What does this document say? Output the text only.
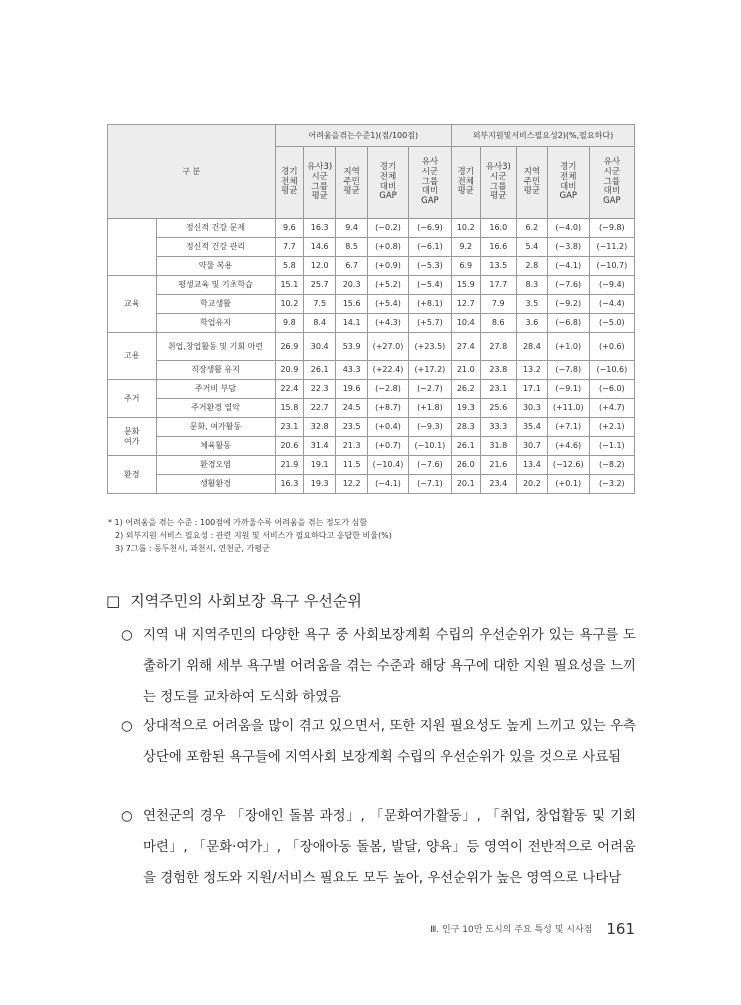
구 분		어려움을겪는수준1)(점/100점)					외부지원및서비스필요성2)(%,필요하다)				
		경기
전체
평균	유사3)
시군
그룹
평균	지역
주민
평균	경기
전체
대비
GAP	유사
시군
그룹
대비
GAP	경기
전체
평균	유사3)
시군
그룹
평균	지역
주민
평균	경기
전체
대비
GAP	유사
시군
그룹
대비
GAP
	정신적 건강 문제	9.6	16.3	9.4	(−0.2)	(−6.9)	10.2	16.0	6.2	(−4.0)	(−9.8)
	정신적 건강 관리	7.7	14.6	8.5	(+0.8)	(−6.1)	9.2	16.6	5.4	(−3.8)	(−11.2)
	약물 복용	5.8	12.0	6.7	(+0.9)	(−5.3)	6.9	13.5	2.8	(−4.1)	(−10.7)
교육	평생교육 및 기초학습	15.1	25.7	20.3	(+5.2)	(−5.4)	15.9	17.7	8.3	(−7.6)	(−9.4)
	학교생활	10.2	7.5	15.6	(+5.4)	(+8.1)	12.7	7.9	3.5	(−9.2)	(−4.4)
	학업유지	9.8	8.4	14.1	(+4.3)	(+5.7)	10.4	8.6	3.6	(−6.8)	(−5.0)
고용	취업,창업활동 및 기회 마련	26.9	30.4	53.9	(+27.0)	(+23.5)	27.4	27.8	28.4	(+1.0)	(+0.6)
	직장생활 유지	20.9	26.1	43.3	(+22.4)	(+17.2)	21.0	23.8	13.2	(−7.8)	(−10.6)
주거	주거비 부담	22.4	22.3	19.6	(−2.8)	(−2.7)	26.2	23.1	17.1	(−9.1)	(−6.0)
	주거환경 열악	15.8	22.7	24.5	(+8.7)	(+1.8)	19.3	25.6	30.3	(+11.0)	(+4.7)
문화
여가	문화, 여가활동	23.1	32.8	23.5	(+0.4)	(−9.3)	28.3	33.3	35.4	(+7.1)	(+2.1)
	체육활동	20.6	31.4	21.3	(+0.7)	(−10.1)	26.1	31.8	30.7	(+4.6)	(−1.1)
환경	환경오염	21.9	19.1	11.5	(−10.4)	(−7.6)	26.0	21.6	13.4	(−12.6)	(−8.2)
	생활환경	16.3	19.3	12.2	(−4.1)	(−7.1)	20.1	23.4	20.2	(+0.1)	(−3.2)
* 1) 어려움을 겪는 수준 : 100점에 가까울수록 어려움을 겪는 정도가 심함
2) 외부지원 서비스 필요성 : 관련 지원 및 서비스가 필요하다고 응답한 비율(%)
3) 7그룹 : 동두천시, 과천시, 연천군, 가평군
□ 지역주민의 사회보장 욕구 우선순위
○ 지역 내 지역주민의 다양한 욕구 중 사회보장계획 수립의 우선순위가 있는 욕구를 도출하기 위해 세부 욕구별 어려움을 겪는 수준과 해당 욕구에 대한 지원 필요성을 느끼는 정도를 교차하여 도식화 하였음
○ 상대적으로 어려움을 많이 겪고 있으면서, 또한 지원 필요성도 높게 느끼고 있는 우측 상단에 포함된 욕구들에 지역사회 보장계획 수립의 우선순위가 있을 것으로 사료됨
○ 연천군의 경우 「장애인 돌봄 과정」, 「문화여가활동」, 「취업, 창업활동 및 기회 마련」, 「문화·여가」, 「장애아동 돌봄, 발달, 양육」등 영역이 전반적으로 어려움을 경험한 정도와 지원/서비스 필요도 모두 높아, 우선순위가 높은 영역으로 나타남
Ⅲ. 인구 10만 도시의 주요 특성 및 시사점 161
